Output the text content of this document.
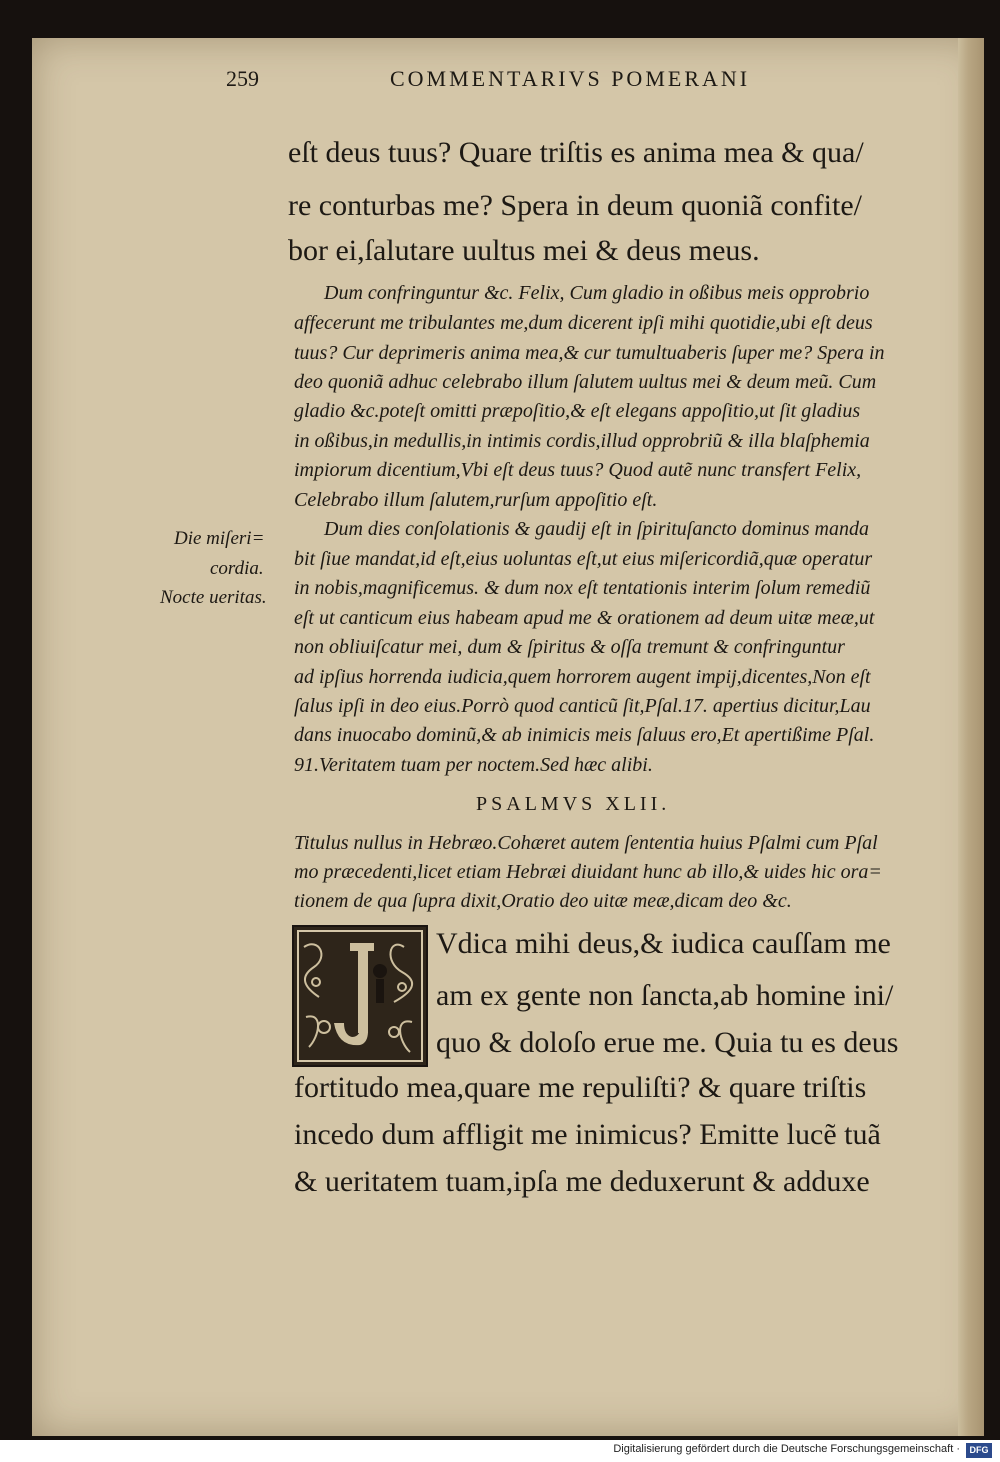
259	COMMENTARIVS POMERANI
eſt deus tuus? Quare triſtis es anima mea & qua/
re conturbas me? Spera in deum quoniã confite/
bor ei,ſalutare uultus mei & deus meus.
Dum confringuntur &c. Felix, Cum gladio in oßibus meis opprobrio
affecerunt me tribulantes me,dum dicerent ipſi mihi quotidie,ubi eſt deus
tuus? Cur deprimeris anima mea,& cur tumultuaberis ſuper me? Spera in
deo quoniã adhuc celebrabo illum ſalutem uultus mei & deum meũ. Cum
gladio &c.poteſt omitti præpoſitio,& eſt elegans appoſitio,ut ſit gladius
in oßibus,in medullis,in intimis cordis,illud opprobriũ & illa blaſphemia
impiorum dicentium,Vbi eſt deus tuus? Quod autẽ nunc transfert Felix,
Celebrabo illum ſalutem,rurſum appoſitio eſt.
Dum dies conſolationis & gaudij eſt in ſpirituſancto dominus manda
bit ſiue mandat,id eſt,eius uoluntas eſt,ut eius miſericordiã,quæ operatur
in nobis,magnificemus. & dum nox eſt tentationis interim ſolum remediũ
eſt ut canticum eius habeam apud me & orationem ad deum uitæ meæ,ut
non obliuiſcatur mei, dum & ſpiritus & oſſa tremunt & confringuntur
ad ipſius horrenda iudicia,quem horrorem augent impij,dicentes,Non eſt
ſalus ipſi in deo eius.Porrò quod canticũ ſit,Pſal.17. apertius dicitur,Lau
dans inuocabo dominũ,& ab inimicis meis ſaluus ero,Et apertißime Pſal.
91.Veritatem tuam per noctem.Sed hæc alibi.
Die miſeri=
cordia.
Nocte ueritas.
PSALMVS XLII.
Titulus nullus in Hebræo.Cohæret autem ſententia huius Pſalmi cum Pſal
mo præcedenti,licet etiam Hebræi diuidant hunc ab illo,& uides hic ora=
tionem de qua ſupra dixit,Oratio deo uitæ meæ,dicam deo &c.
Vdica mihi deus,& iudica cauſſam me
am ex gente non ſancta,ab homine ini/
quo & doloſo erue me. Quia tu es deus
fortitudo mea,quare me repuliſti? & quare triſtis
incedo dum affligit me inimicus? Emitte lucẽ tuã
& ueritatem tuam,ipſa me deduxerunt & adduxe
Digitalisierung gefördert durch die Deutsche Forschungsgemeinschaft ·	DFG
